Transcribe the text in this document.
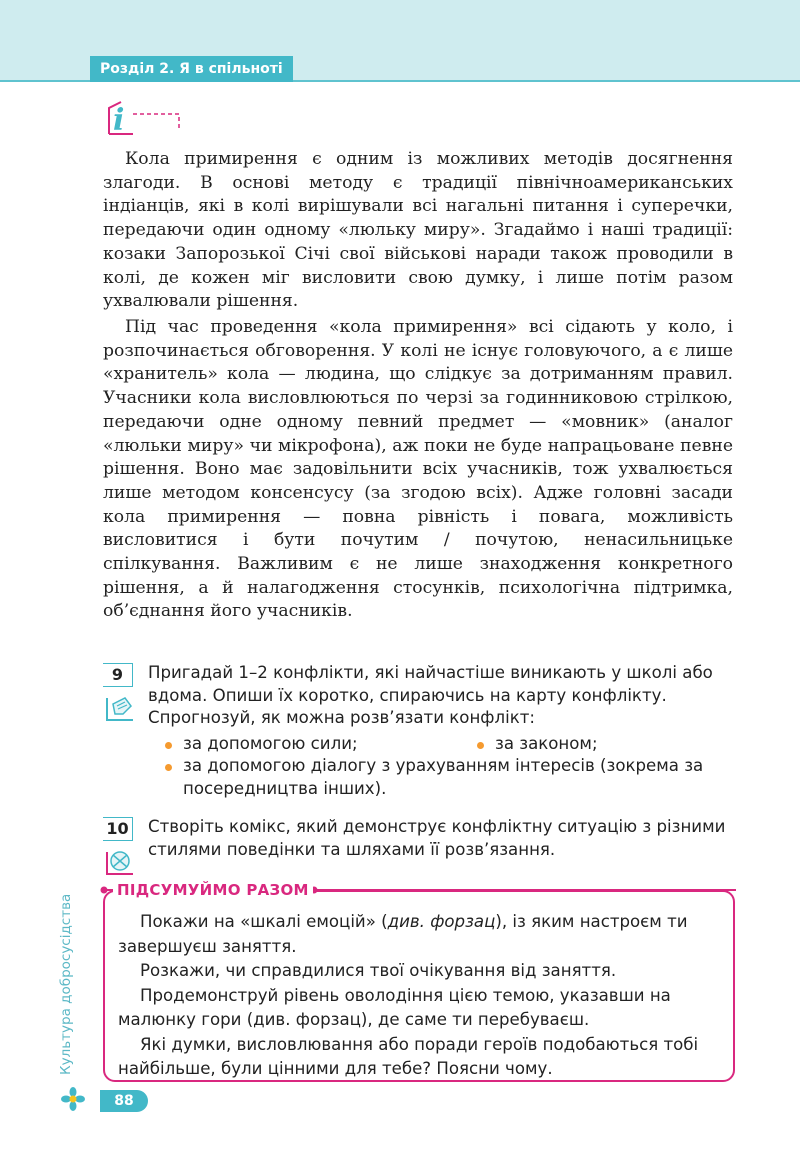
Розділ 2. Я в спільноті
i

Кола примирення є одним із можливих методів досягнення злагоди. В основі методу є традиції північноамериканських індіанців, які в колі вирішували всі нагальні питання і суперечки, передаючи один одному «люльку миру». Згадаймо і наші традиції: козаки Запорозької Січі свої військові наради також проводили в колі, де кожен міг висловити свою думку, і лише потім разом ухвалювали рішення.

Під час проведення «кола примирення» всі сідають у коло, і розпочинається обговорення. У колі не існує головуючого, а є лише «хранитель» кола — людина, що слідкує за дотриманням правил. Учасники кола висловлюються по черзі за годинниковою стрілкою, передаючи одне одному певний предмет — «мовник» (аналог «люльки миру» чи мікрофона), аж поки не буде напрацьоване певне рішення. Воно має задовільнити всіх учасників, тож ухвалюється лише методом консенсусу (за згодою всіх). Адже головні засади кола примирення — повна рівність і повага, можливість висловитися і бути почутим / почутою, ненасильницьке спілкування. Важливим є не лише знаходження конкретного рішення, а й налагодження стосунків, психологічна підтримка, об’єднання його учасників.

9	Пригадай 1–2 конфлікти, які найчастіше виникають у школі або вдома. Опиши їх коротко, спираючись на карту конфлікту. Спрогнозуй, як можна розв’язати конфлікт:
за допомогою сили;	за законом;
за допомогою діалогу з урахуванням інтересів (зокрема за посередництва інших).
10 Створіть комікс, який демонструє конфліктну ситуацію з різними стилями поведінки та шляхами її розв’язання.
ПІДСУМУЙМО РАЗОМ

Покажи на «шкалі емоцій» (див. форзац), із яким настроєм ти завершуєш заняття.

Розкажи, чи справдилися твої очікування від заняття.

Продемонструй рівень оволодіння цією темою, указавши на малюнку гори (див. форзац), де саме ти перебуваєш.

Які думки, висловлювання або поради героїв подобаються тобі найбільше, були цінними для тебе? Поясни чому.

Культура добросусідства
88
